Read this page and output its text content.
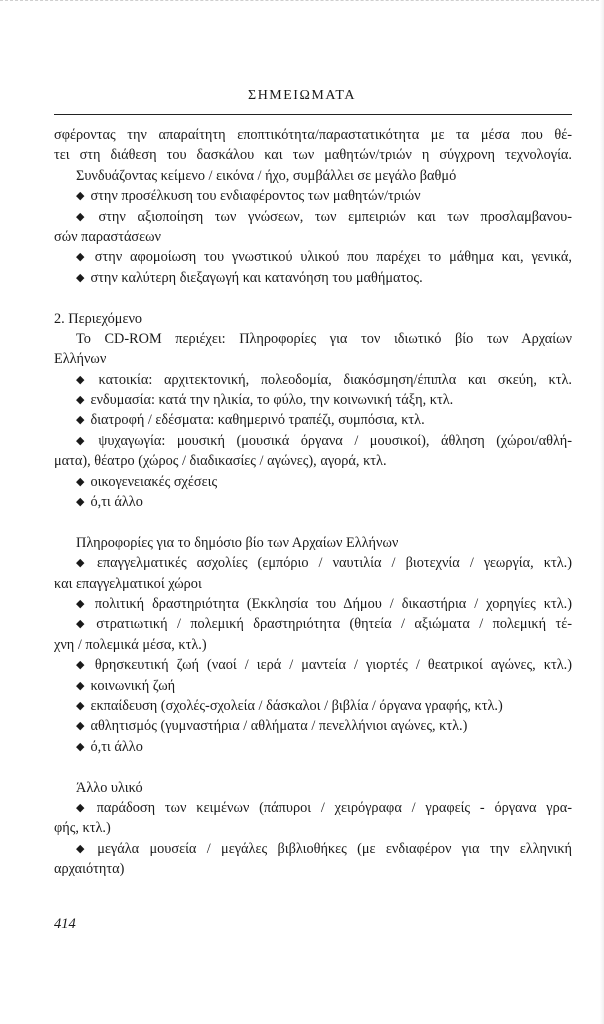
ΣΗΜΕΙΩΜΑΤΑ
σφέροντας την απαραίτητη εποπτικότητα/παραστατικότητα με τα μέσα που θέ-
τει στη διάθεση του δασκάλου και των μαθητών/τριών η σύγχρονη τεχνολογία.
Συνδυάζοντας κείμενο / εικόνα / ήχο, συμβάλλει σε μεγάλο βαθμό
◆ στην προσέλκυση του ενδιαφέροντος των μαθητών/τριών
◆ στην αξιοποίηση των γνώσεων, των εμπειριών και των προσλαμβανου-
σών παραστάσεων
◆ στην αφομοίωση του γνωστικού υλικού που παρέχει το μάθημα και, γενικά,
◆ στην καλύτερη διεξαγωγή και κατανόηση του μαθήματος.
2. Περιεχόμενο
Το CD-ROM περιέχει: Πληροφορίες για τον ιδιωτικό βίο των Αρχαίων
Ελλήνων
◆ κατοικία: αρχιτεκτονική, πολεοδομία, διακόσμηση/έπιπλα και σκεύη, κτλ.
◆ ενδυμασία: κατά την ηλικία, το φύλο, την κοινωνική τάξη, κτλ.
◆ διατροφή / εδέσματα: καθημερινό τραπέζι, συμπόσια, κτλ.
◆ ψυχαγωγία: μουσική (μουσικά όργανα / μουσικοί), άθληση (χώροι/αθλή-
ματα), θέατρο (χώρος / διαδικασίες / αγώνες), αγορά, κτλ.
◆ οικογενειακές σχέσεις
◆ ό,τι άλλο
Πληροφορίες για το δημόσιο βίο των Αρχαίων Ελλήνων
◆ επαγγελματικές ασχολίες (εμπόριο / ναυτιλία / βιοτεχνία / γεωργία, κτλ.)
και επαγγελματικοί χώροι
◆ πολιτική δραστηριότητα (Εκκλησία του Δήμου / δικαστήρια / χορηγίες κτλ.)
◆ στρατιωτική / πολεμική δραστηριότητα (θητεία / αξιώματα / πολεμική τέ-
χνη / πολεμικά μέσα, κτλ.)
◆ θρησκευτική ζωή (ναοί / ιερά / μαντεία / γιορτές / θεατρικοί αγώνες, κτλ.)
◆ κοινωνική ζωή
◆ εκπαίδευση (σχολές-σχολεία / δάσκαλοι / βιβλία / όργανα γραφής, κτλ.)
◆ αθλητισμός (γυμναστήρια / αθλήματα / πενελλήνιοι αγώνες, κτλ.)
◆ ό,τι άλλο
Άλλο υλικό
◆ παράδοση των κειμένων (πάπυροι / χειρόγραφα / γραφείς - όργανα γρα-
φής, κτλ.)
◆ μεγάλα μουσεία / μεγάλες βιβλιοθήκες (με ενδιαφέρον για την ελληνική
αρχαιότητα)
414
